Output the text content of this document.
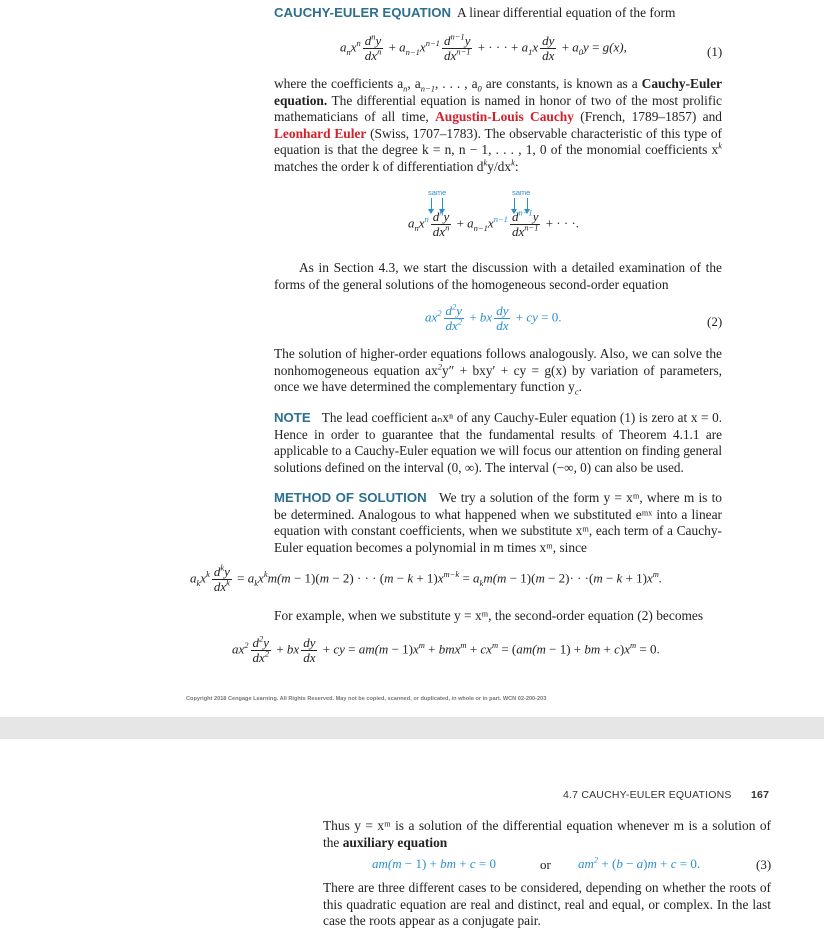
CAUCHY-EULER EQUATION A linear differential equation of the form
$a_nx^n \frac{d^ny}{dx^n} + a_{n-1}x^{n-1} \frac{d^{n-1}y}{dx^{n-1}}$ + · · · + $a_1x \frac{dy}{dx} + a_0y = g(x)$,	(1)
where the coefficients $a_n$, $a_{n-1}$, . . . , $a_0$ are constants, is known as a Cauchy-Euler equation. The differential equation is named in honor of two of the most prolific mathematicians of all time, Augustin-Louis Cauchy (French, 1789–1857) and Leonhard Euler (Swiss, 1707–1783). The observable characteristic of this type of equation is that the degree k = n, n − 1, . . . , 1, 0 of the monomial coefficients $x^k$ matches the order k of differentiation $d^ky/dx^k$:
same	same
$a_nx^n \frac{d^ny}{dx^n} + a_{n-1}x^{n-1} \frac{d^{n-1}y}{dx^{n-1}}$ + · · ·.
As in Section 4.3, we start the discussion with a detailed examination of the forms of the general solutions of the homogeneous second-order equation
$ax^2 \frac{d^2y}{dx^2}$ + bx $\frac{dy}{dx}$ + cy = 0.	(2)
The solution of higher-order equations follows analogously. Also, we can solve the nonhomogeneous equation $ax^2y'' + bxy'$ + cy = g(x) by variation of parameters, once we have determined the complementary function $y_c$.
NOTE The lead coefficient aₙxⁿ of any Cauchy-Euler equation (1) is zero at x = 0. Hence in order to guarantee that the fundamental results of Theorem 4.1.1 are applicable to a Cauchy-Euler equation we will focus our attention on finding general solutions defined on the interval (0, ∞). The interval (−∞, 0) can also be used.
METHOD OF SOLUTION We try a solution of the form y = xᵐ, where m is to be determined. Analogous to what happened when we substituted eᵐˣ into a linear equation with constant coefficients, when we substitute xᵐ, each term of a Cauchy-Euler equation becomes a polynomial in m times xᵐ, since
$a_kx^k \frac{d^ky}{dx^k} = a_kx^km(m - 1)(m - 2)$ · · · $(m - k + 1)x^{m-k} = a_km(m - 1)(m - 2)\cdot \cdot \cdot(m - k + 1)x^m$.
For example, when we substitute y = xᵐ, the second-order equation (2) becomes
$ax^2 \frac{d^2y}{dx^2}$ + bx $\frac{dy}{dx}$ + cy = $am(m - 1)x^m + bmx^m + cx^m = (am(m - 1)$ + bm + $c)x^m = 0$.
Copyright 2018 Cengage Learning. All Rights Reserved. May not be copied, scanned, or duplicated, in whole or in part. WCN 02-200-203
4.7 CAUCHY-EULER EQUATIONS 167
Thus y = xᵐ is a solution of the differential equation whenever m is a solution of the auxiliary equation
am(m − 1) + bm + c = 0	or $am^2 + (b - a)m + c = 0$.	(3)
There are three different cases to be considered, depending on whether the roots of this quadratic equation are real and distinct, real and equal, or complex. In the last case the roots appear as a conjugate pair.
